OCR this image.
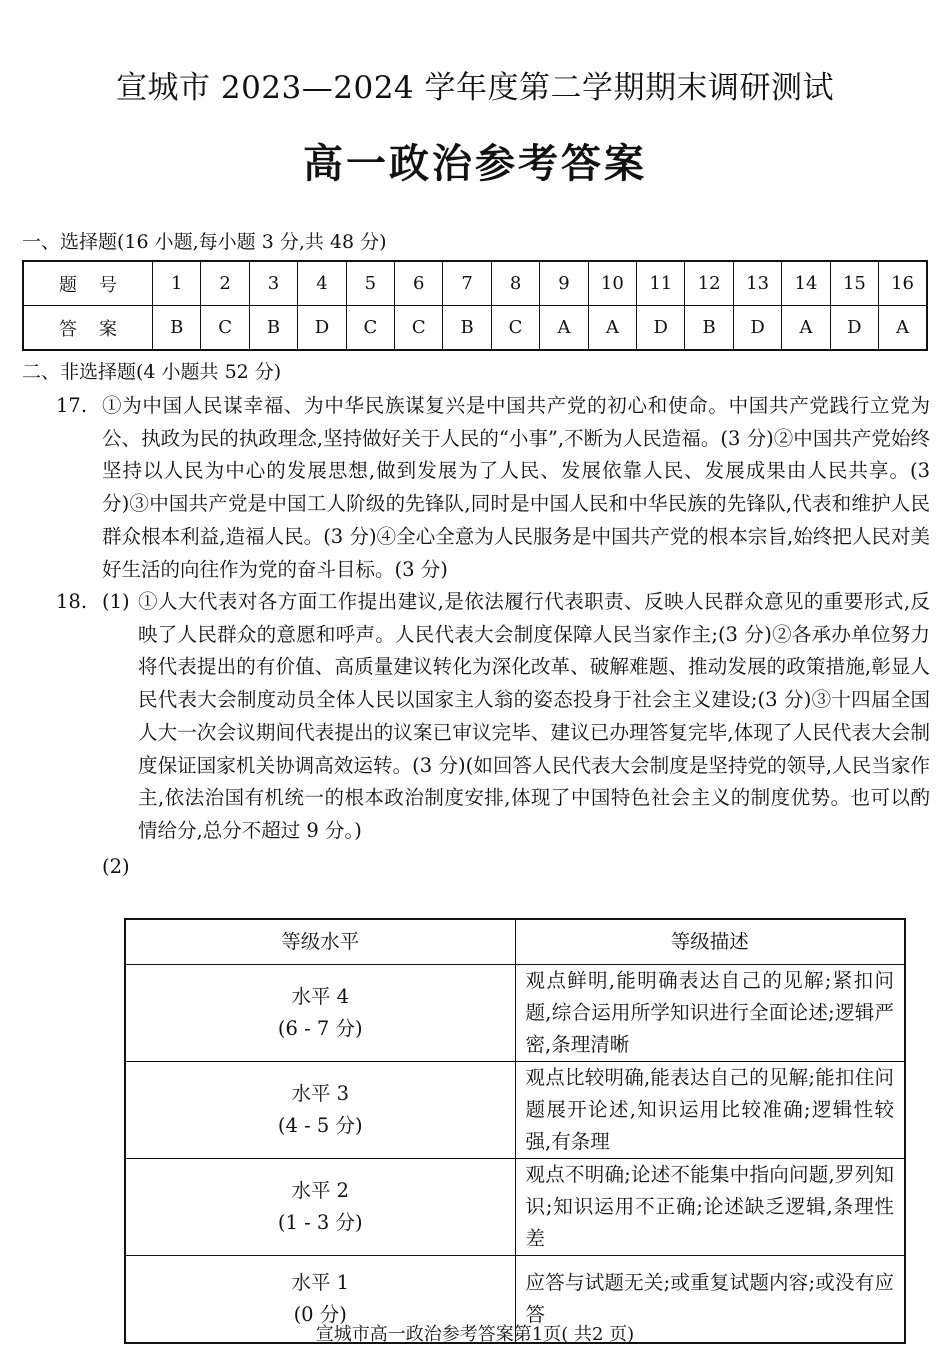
宣城市 2023—2024 学年度第二学期期末调研测试
高一政治参考答案
一、选择题(16 小题,每小题 3 分,共 48 分)
题号	1	2	3	4	5	6	7	8	9	10	11	12	13	14	15	16
答案	B	C	B	D	C	C	B	C	A	A	D	B	D	A	D	A
二、非选择题(4 小题共 52 分)
17. ①为中国人民谋幸福、为中华民族谋复兴是中国共产党的初心和使命。中国共产党践行立党为公、执政为民的执政理念,坚持做好关于人民的“小事”,不断为人民造福。(3 分)②中国共产党始终坚持以人民为中心的发展思想,做到发展为了人民、发展依靠人民、发展成果由人民共享。(3 分)③中国共产党是中国工人阶级的先锋队,同时是中国人民和中华民族的先锋队,代表和维护人民群众根本利益,造福人民。(3 分)④全心全意为人民服务是中国共产党的根本宗旨,始终把人民对美好生活的向往作为党的奋斗目标。(3 分)
18. (1) ①人大代表对各方面工作提出建议,是依法履行代表职责、反映人民群众意见的重要形式,反映了人民群众的意愿和呼声。人民代表大会制度保障人民当家作主;(3 分)②各承办单位努力将代表提出的有价值、高质量建议转化为深化改革、破解难题、推动发展的政策措施,彰显人民代表大会制度动员全体人民以国家主人翁的姿态投身于社会主义建设;(3 分)③十四届全国人大一次会议期间代表提出的议案已审议完毕、建议已办理答复完毕,体现了人民代表大会制度保证国家机关协调高效运转。(3 分)(如回答人民代表大会制度是坚持党的领导,人民当家作主,依法治国有机统一的根本政治制度安排,体现了中国特色社会主义的制度优势。也可以酌情给分,总分不超过 9 分。)
(2)
等级水平	等级描述

水平 4
(6 - 7 分)	观点鲜明,能明确表达自己的见解;紧扣问题,综合运用所学知识进行全面论述;逻辑严密,条理清晰

水平 3
(4 - 5 分)	观点比较明确,能表达自己的见解;能扣住问题展开论述,知识运用比较准确;逻辑性较强,有条理

水平 2
(1 - 3 分)	观点不明确;论述不能集中指向问题,罗列知识;知识运用不正确;论述缺乏逻辑,条理性差

水平 1
(0 分)	应答与试题无关;或重复试题内容;或没有应答
宣城市高一政治参考答案第1页( 共2 页)
